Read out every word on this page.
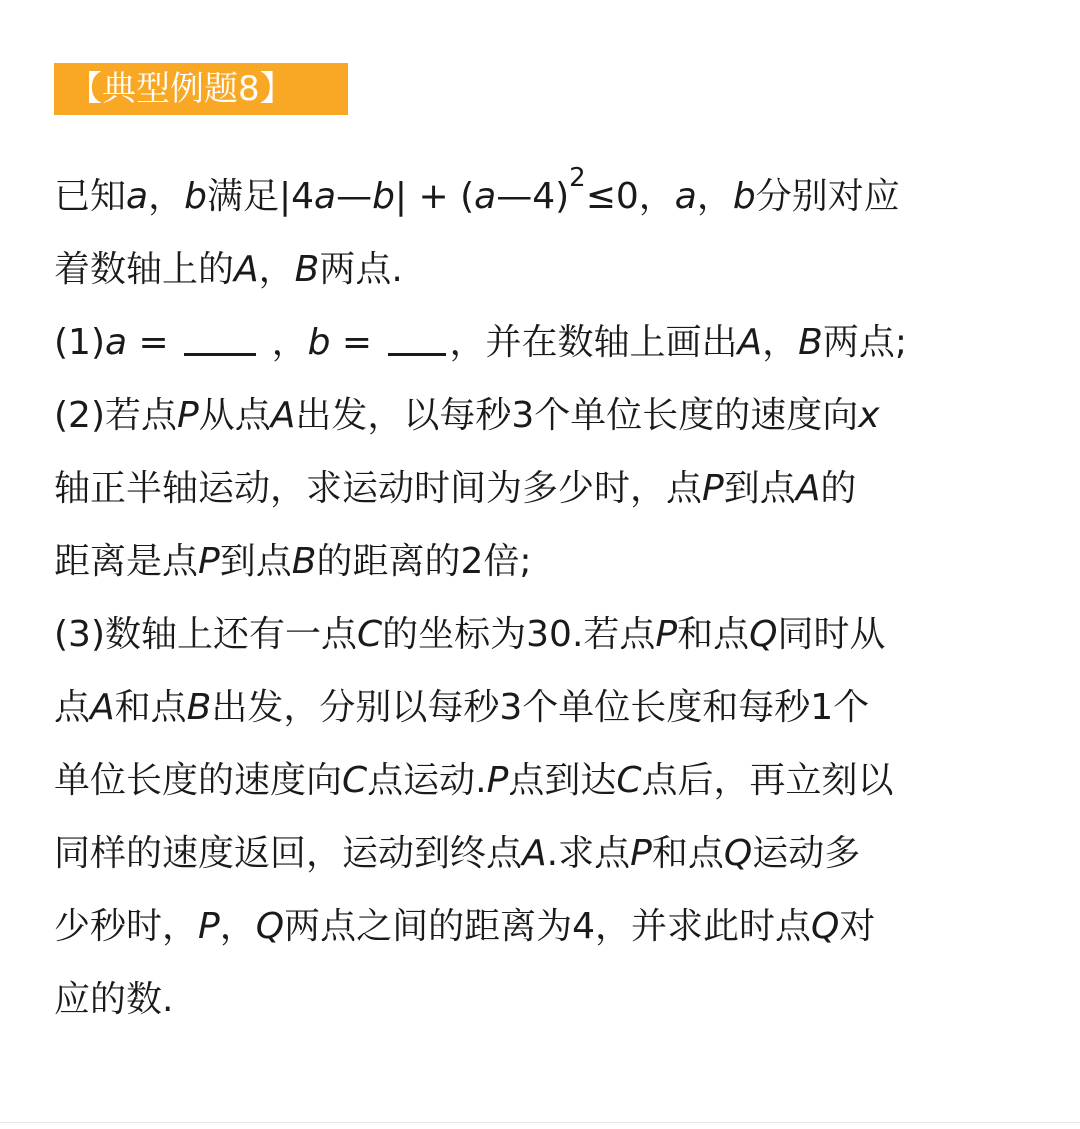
【典型例题8】
已知a，b满足|4a—b| + (a—4)$^2$≤0，a，b分别对应
着数轴上的A，B两点.
(1)a =  ，b = ，并在数轴上画出A，B两点;
(2)若点P从点A出发，以每秒3个单位长度的速度向x
轴正半轴运动，求运动时间为多少时，点P到点A的
距离是点P到点B的距离的2倍;
(3)数轴上还有一点C的坐标为30.若点P和点Q同时从
点A和点B出发，分别以每秒3个单位长度和每秒1个
单位长度的速度向C点运动.P点到达C点后，再立刻以
同样的速度返回，运动到终点A.求点P和点Q运动多
少秒时，P，Q两点之间的距离为4，并求此时点Q对
应的数.
